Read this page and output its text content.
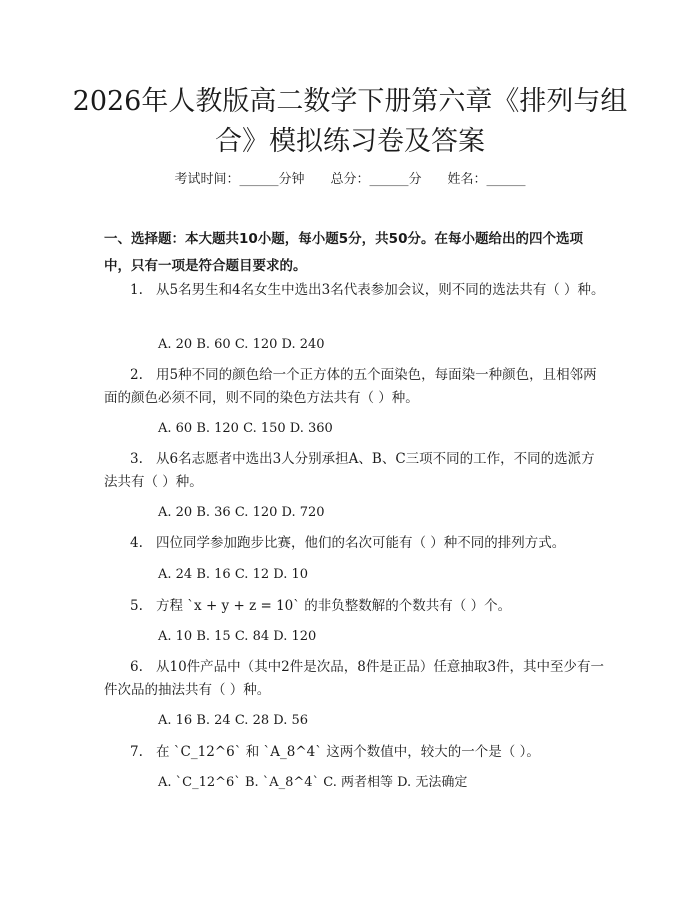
2026年人教版高二数学下册第六章《排列与组合》模拟练习卷及答案

考试时间：______分钟　　总分：______分　　姓名：______

一、选择题：本大题共10小题，每小题5分，共50分。在每小题给出的四个选项中，只有一项是符合题目要求的。

1. 从5名男生和4名女生中选出3名代表参加会议，则不同的选法共有（ ）种。

A. 20 B. 60 C. 120 D. 240

2. 用5种不同的颜色给一个正方体的五个面染色，每面染一种颜色，且相邻两面的颜色必须不同，则不同的染色方法共有（ ）种。

A. 60 B. 120 C. 150 D. 360

3. 从6名志愿者中选出3人分别承担A、B、C三项不同的工作，不同的选派方法共有（ ）种。

A. 20 B. 36 C. 120 D. 720

4. 四位同学参加跑步比赛，他们的名次可能有（ ）种不同的排列方式。

A. 24 B. 16 C. 12 D. 10

5. 方程 `x + y + z = 10` 的非负整数解的个数共有（ ）个。

A. 10 B. 15 C. 84 D. 120

6. 从10件产品中（其中2件是次品，8件是正品）任意抽取3件，其中至少有一件次品的抽法共有（ ）种。

A. 16 B. 24 C. 28 D. 56

7. 在 `C_12^6` 和 `A_8^4` 这两个数值中，较大的一个是（ ）。

A. `C_12^6` B. `A_8^4` C. 两者相等 D. 无法确定
